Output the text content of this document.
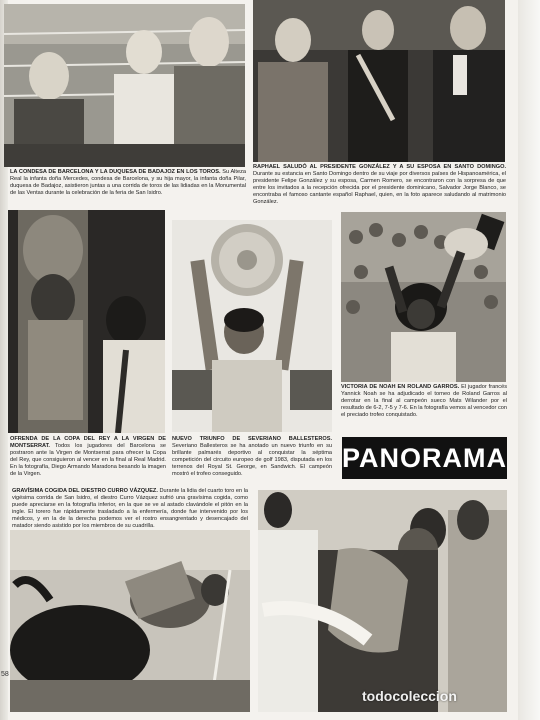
LA CONDESA DE BARCELONA Y LA DUQUESA DE BADAJOZ EN LOS TOROS. Su Alteza Real la infanta doña Mercedes, condesa de Barcelona, y su hija mayor, la infanta doña Pilar, duquesa de Badajoz, asistieron juntas a una corrida de toros de las lidiadas en la Monumental de las Ventas durante la celebración de la feria de San Isidro.
RAPHAEL SALUDÓ AL PRESIDENTE GONZÁLEZ Y A SU ESPOSA EN SANTO DOMINGO. Durante su estancia en Santo Domingo dentro de su viaje por diversos países de Hispanoamérica, el presidente Felipe González y su esposa, Carmen Romero, se encontraron con la sorpresa de que entre los invitados a la recepción ofrecida por el presidente dominicano, Salvador Jorge Blanco, se encontraba el famoso cantante español Raphael, quien, en la foto aparece saludando al matrimonio González.
OFRENDA DE LA COPA DEL REY A LA VIRGEN DE MONTSERRAT. Todos los jugadores del Barcelona se postraron ante la Virgen de Montserrat para ofrecer la Copa del Rey, que consiguieron al vencer en la final al Real Madrid. En la fotografía, Diego Armando Maradona besando la imagen de la Virgen.
NUEVO TRIUNFO DE SEVERIANO BALLESTEROS. Severiano Ballesteros se ha anotado un nuevo triunfo en su brillante palmarés deportivo al conquistar la séptima competición del circuito europeo de golf 1983, disputada en los terrenos del Royal St. George, en Sandwich. El campeón mostró el trofeo conseguido.
VICTORIA DE NOAH EN ROLAND GARROS. El jugador francés Yannick Noah se ha adjudicado el torneo de Roland Garros al derrotar en la final al campeón sueco Mats Wilander por el resultado de 6-2, 7-5 y 7-6. En la fotografía vemos al vencedor con el preciado trofeo conquistado.
PANORAMA
GRAVÍSIMA COGIDA DEL DIESTRO CURRO VÁZQUEZ. Durante la lidia del cuarto toro en la vigésima corrida de San Isidro, el diestro Curro Vázquez sufrió una gravísima cogida, como puede apreciarse en la fotografía inferior, en la que se ve al astado clavándole el pitón en la ingle. El torero fue rápidamente trasladado a la enfermería, donde fue intervenido por los médicos, y en la de la derecha podemos ver el rostro ensangrentado y desencajado del matador siendo asistido por los miembros de su cuadrilla.
58
todocoleccion
